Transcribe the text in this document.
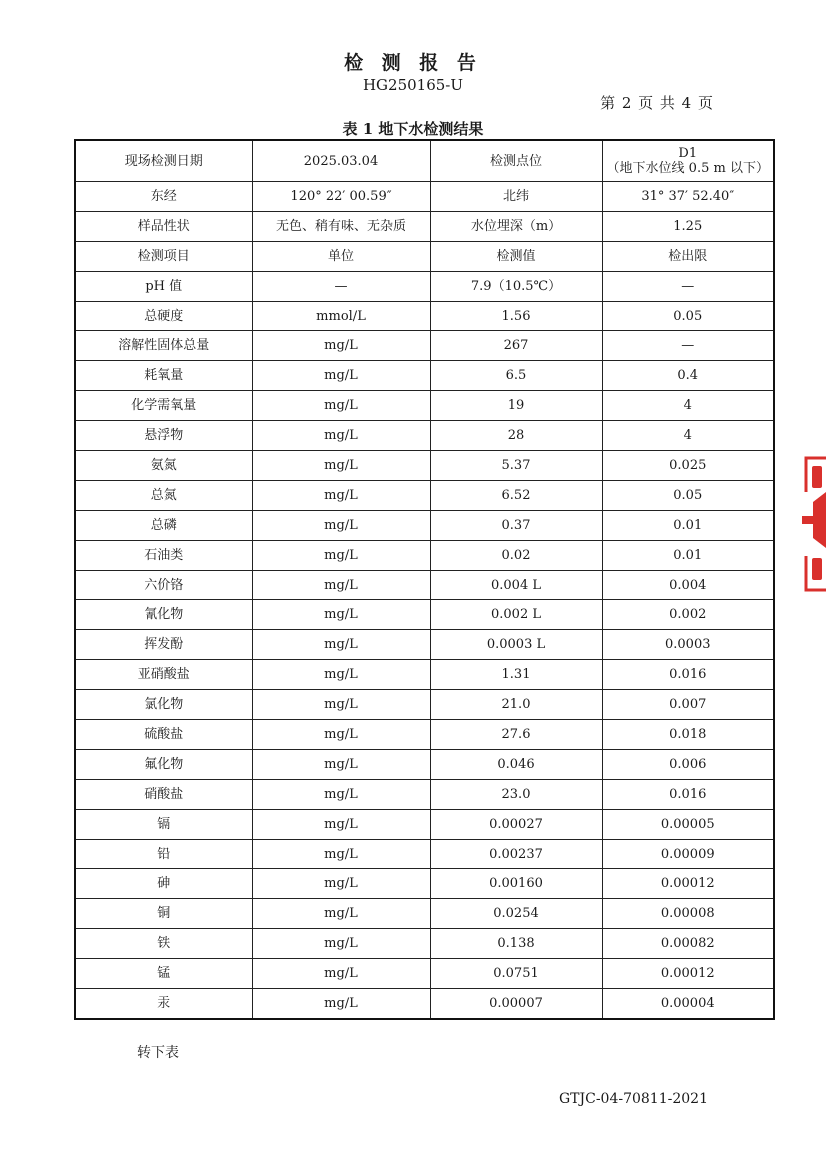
检 测 报 告
HG250165-U
第 2 页 共 4 页
表 1 地下水检测结果
现场检测日期	2025.03.04	检测点位	D1
（地下水位线 0.5 m 以下）
东经	120° 22′ 00.59″	北纬	31° 37′ 52.40″
样品性状	无色、稍有味、无杂质	水位埋深（m）	1.25
检测项目	单位	检测值	检出限
pH 值	—	7.9（10.5℃）	—
总硬度	mmol/L	1.56	0.05
溶解性固体总量	mg/L	267	—
耗氧量	mg/L	6.5	0.4
化学需氧量	mg/L	19	4
悬浮物	mg/L	28	4
氨氮	mg/L	5.37	0.025
总氮	mg/L	6.52	0.05
总磷	mg/L	0.37	0.01
石油类	mg/L	0.02	0.01
六价铬	mg/L	0.004 L	0.004
氰化物	mg/L	0.002 L	0.002
挥发酚	mg/L	0.0003 L	0.0003
亚硝酸盐	mg/L	1.31	0.016
氯化物	mg/L	21.0	0.007
硫酸盐	mg/L	27.6	0.018
氟化物	mg/L	0.046	0.006
硝酸盐	mg/L	23.0	0.016
镉	mg/L	0.00027	0.00005
铅	mg/L	0.00237	0.00009
砷	mg/L	0.00160	0.00012
铜	mg/L	0.0254	0.00008
铁	mg/L	0.138	0.00082
锰	mg/L	0.0751	0.00012
汞	mg/L	0.00007	0.00004
转下表
GTJC-04-70811-2021
